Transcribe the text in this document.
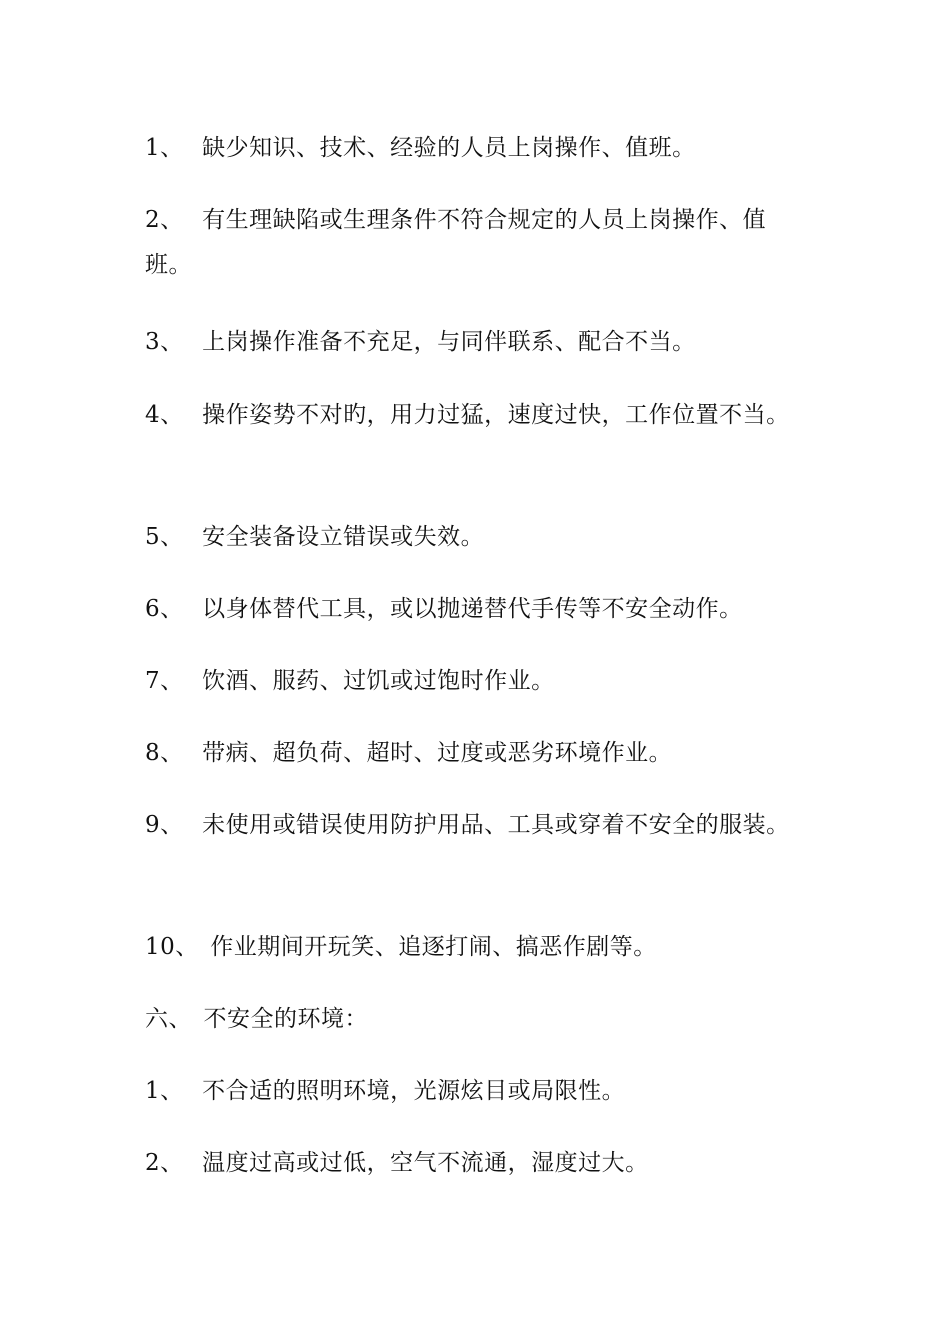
1、 缺少知识、技术、经验的人员上岗操作、值班。

2、 有生理缺陷或生理条件不符合规定的人员上岗操作、值班。

3、 上岗操作准备不充足，与同伴联系、配合不当。

4、 操作姿势不对旳，用力过猛，速度过快，工作位置不当。

5、 安全装备设立错误或失效。

6、 以身体替代工具，或以抛递替代手传等不安全动作。

7、 饮酒、服药、过饥或过饱时作业。

8、 带病、超负荷、超时、过度或恶劣环境作业。

9、 未使用或错误使用防护用品、工具或穿着不安全的服装。

10、 作业期间开玩笑、追逐打闹、搞恶作剧等。

六、 不安全的环境：

1、 不合适的照明环境，光源炫目或局限性。

2、 温度过高或过低，空气不流通，湿度过大。
